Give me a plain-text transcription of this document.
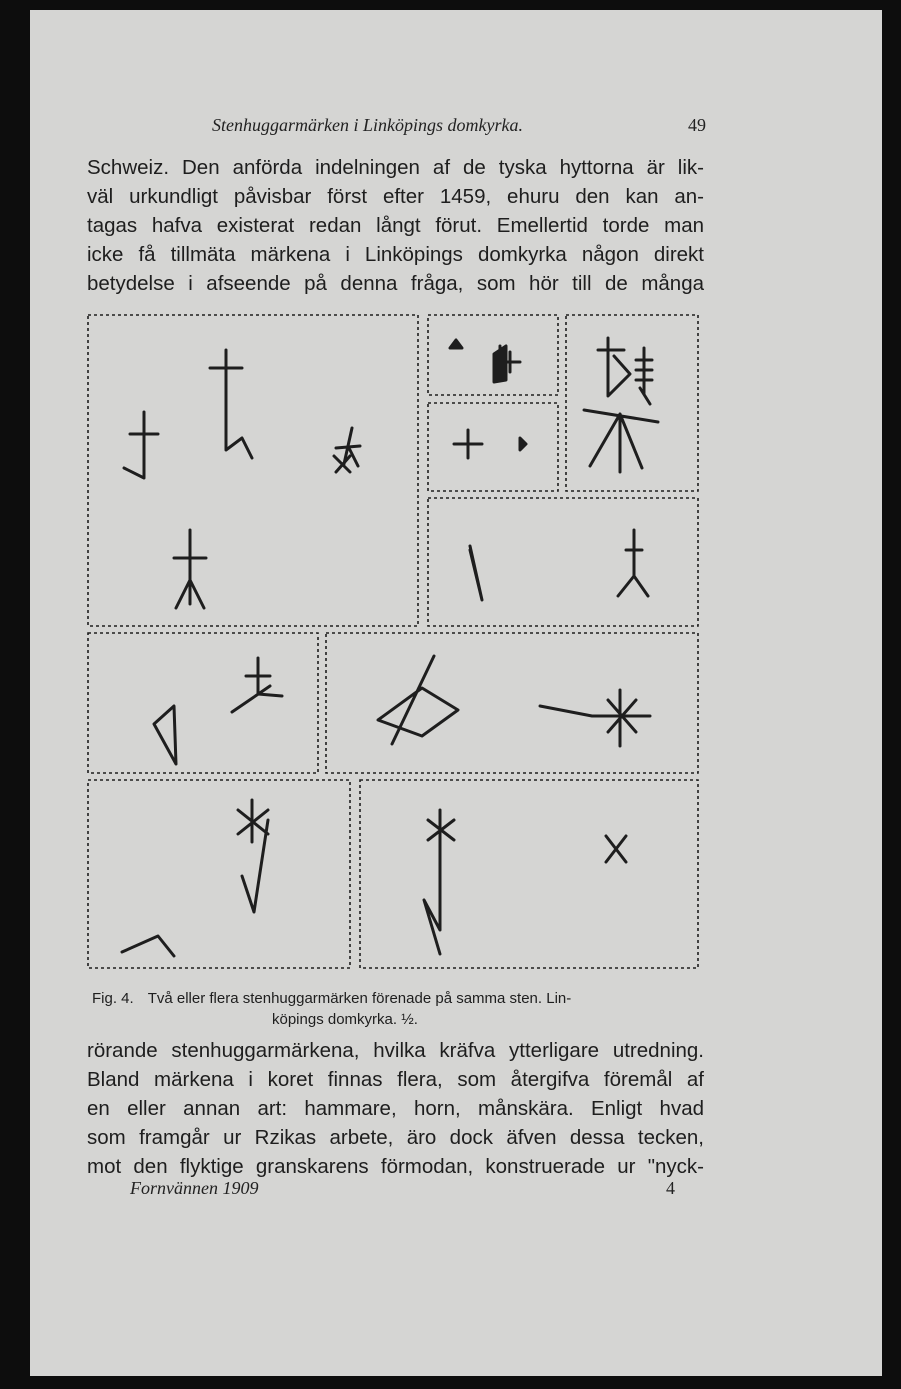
Stenhuggarmärken i Linköpings domkyrka.	49
Schweiz. Den anförda indelningen af de tyska hyttorna är lik-
väl urkundligt påvisbar först efter 1459, ehuru den kan an-
tagas hafva existerat redan långt förut. Emellertid torde man
icke få tillmäta märkena i Linköpings domkyrka någon direkt
betydelse i afseende på denna fråga, som hör till de många
Fig. 4. Två eller flera stenhuggarmärken förenade på samma sten. Lin-
köpings domkyrka. ½.
rörande stenhuggarmärkena, hvilka kräfva ytterligare utredning.
Bland märkena i koret finnas flera, som återgifva föremål af
en eller annan art: hammare, horn, månskära. Enligt hvad
som framgår ur Rzikas arbete, äro dock äfven dessa tecken,
mot den flyktige granskarens förmodan, konstruerade ur "nyck-
Fornvännen 1909	4
